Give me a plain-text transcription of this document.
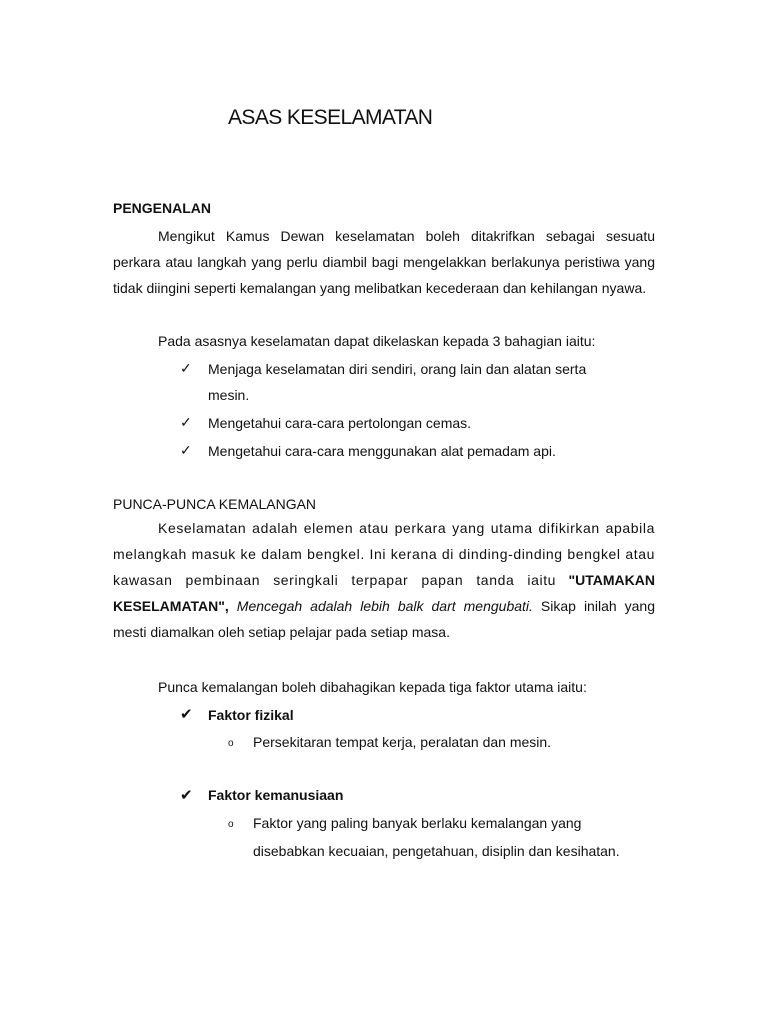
ASAS KESELAMATAN
PENGENALAN

Mengikut Kamus Dewan keselamatan boleh ditakrifkan sebagai sesuatu perkara atau langkah yang perlu diambil bagi mengelakkan berlakunya peristiwa yang tidak diingini seperti kemalangan yang melibatkan kecederaan dan kehilangan nyawa.

Pada asasnya keselamatan dapat dikelaskan kepada 3 bahagian iaitu:
✓ Menjaga keselamatan diri sendiri, orang lain dan alatan serta
mesin.
✓ Mengetahui cara-cara pertolongan cemas.
✓ Mengetahui cara-cara menggunakan alat pemadam api.
PUNCA-PUNCA KEMALANGAN

Keselamatan adalah elemen atau perkara yang utama difikirkan apabila melangkah masuk ke dalam bengkel. Ini kerana di dinding-dinding bengkel atau kawasan pembinaan seringkali terpapar papan tanda iaitu "UTAMAKAN KESELAMATAN", Mencegah adalah lebih balk dart mengubati. Sikap inilah yang mesti diamalkan oleh setiap pelajar pada setiap masa.

Punca kemalangan boleh dibahagikan kepada tiga faktor utama iaitu:
✔ Faktor fizikal
o Persekitaran tempat kerja, peralatan dan mesin.
✔ Faktor kemanusiaan
o Faktor yang paling banyak berlaku kemalangan yang
disebabkan kecuaian, pengetahuan, disiplin dan kesihatan.
